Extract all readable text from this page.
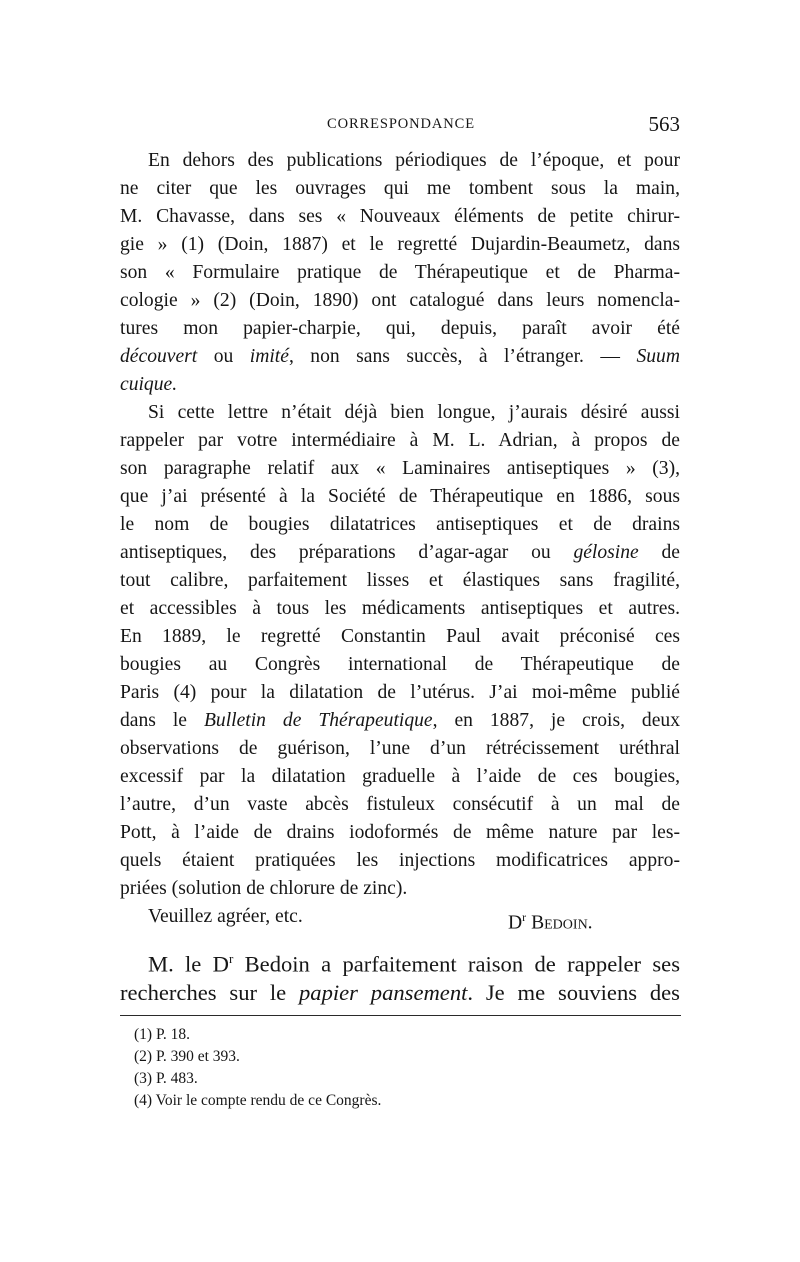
CORRESPONDANCE	563
En dehors des publications périodiques de l’époque, et pour
ne citer que les ouvrages qui me tombent sous la main,
M. Chavasse, dans ses « Nouveaux éléments de petite chirur-
gie » (1) (Doin, 1887) et le regretté Dujardin-Beaumetz, dans
son « Formulaire pratique de Thérapeutique et de Pharma-
cologie » (2) (Doin, 1890) ont catalogué dans leurs nomencla-
tures mon papier-charpie, qui, depuis, paraît avoir été
découvert ou imité, non sans succès, à l’étranger. — Suum
cuique.
Si cette lettre n’était déjà bien longue, j’aurais désiré aussi
rappeler par votre intermédiaire à M. L. Adrian, à propos de
son paragraphe relatif aux « Laminaires antiseptiques » (3),
que j’ai présenté à la Société de Thérapeutique en 1886, sous
le nom de bougies dilatatrices antiseptiques et de drains
antiseptiques, des préparations d’agar-agar ou gélosine de
tout calibre, parfaitement lisses et élastiques sans fragilité,
et accessibles à tous les médicaments antiseptiques et autres.
En 1889, le regretté Constantin Paul avait préconisé ces
bougies au Congrès international de Thérapeutique de
Paris (4) pour la dilatation de l’utérus. J’ai moi-même publié
dans le Bulletin de Thérapeutique, en 1887, je crois, deux
observations de guérison, l’une d’un rétrécissement uréthral
excessif par la dilatation graduelle à l’aide de ces bougies,
l’autre, d’un vaste abcès fistuleux consécutif à un mal de
Pott, à l’aide de drains iodoformés de même nature par les-
quels étaient pratiquées les injections modificatrices appro-
priées (solution de chlorure de zinc).
Veuillez agréer, etc.	$D^r$ Bedoin.
M. le $D^r$ Bedoin a parfaitement raison de rappeler ses
recherches sur le papier pansement. Je me souviens des
(1) P. 18.
(2) P. 390 et 393.
(3) P. 483.
(4) Voir le compte rendu de ce Congrès.
